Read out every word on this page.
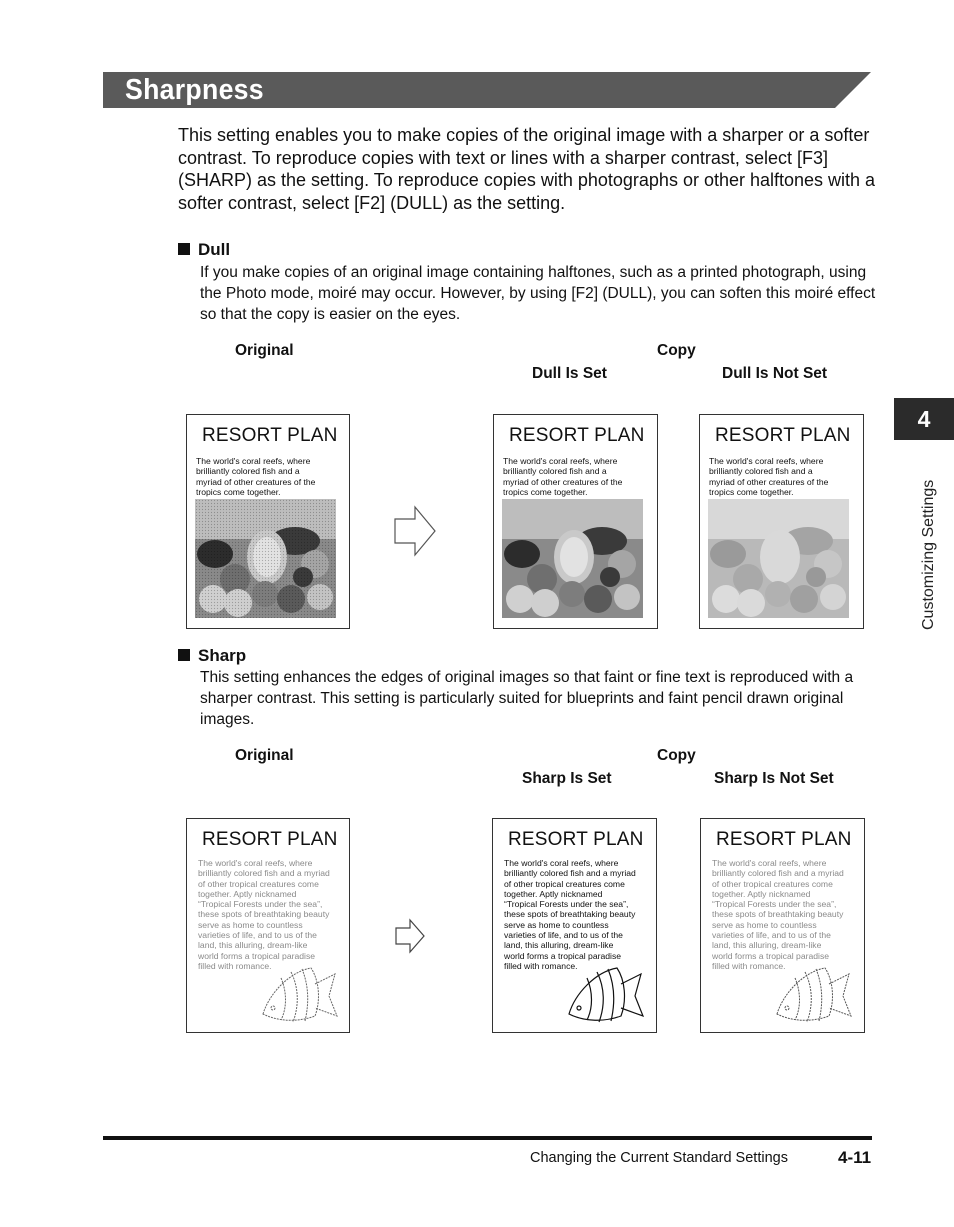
Sharpness
This setting enables you to make copies of the original image with a sharper or a softer contrast. To reproduce copies with text or lines with a sharper contrast, select [F3] (SHARP) as the setting. To reproduce copies with photographs or other halftones with a softer contrast, select [F2] (DULL) as the setting.
Dull
If you make copies of an original image containing halftones, such as a printed photograph, using the Photo mode, moiré may occur. However, by using [F2] (DULL), you can soften this moiré effect so that the copy is easier on the eyes.
Original	Copy
Dull Is Set	Dull Is Not Set
RESORT PLAN
The world's coral reefs, where
brilliantly colored fish and a
myriad of other creatures of the
tropics come together.
RESORT PLAN
The world's coral reefs, where
brilliantly colored fish and a
myriad of other creatures of the
tropics come together.
RESORT PLAN
The world's coral reefs, where
brilliantly colored fish and a
myriad of other creatures of the
tropics come together.
Sharp
This setting enhances the edges of original images so that faint or fine text is reproduced with a sharper contrast. This setting is particularly suited for blueprints and faint pencil drawn original images.
Original	Copy
Sharp Is Set	Sharp Is Not Set
RESORT PLAN
The world's coral reefs, where
brilliantly colored fish and a myriad
of other tropical creatures come
together. Aptly nicknamed
“Tropical Forests under the sea”,
these spots of breathtaking beauty
serve as home to countless
varieties of life, and to us of the
land, this alluring, dream-like
world forms a tropical paradise
filled with romance.
RESORT PLAN
The world's coral reefs, where
brilliantly colored fish and a myriad
of other tropical creatures come
together. Aptly nicknamed
“Tropical Forests under the sea”,
these spots of breathtaking beauty
serve as home to countless
varieties of life, and to us of the
land, this alluring, dream-like
world forms a tropical paradise
filled with romance.
RESORT PLAN
The world's coral reefs, where
brilliantly colored fish and a myriad
of other tropical creatures come
together. Aptly nicknamed
“Tropical Forests under the sea”,
these spots of breathtaking beauty
serve as home to countless
varieties of life, and to us of the
land, this alluring, dream-like
world forms a tropical paradise
filled with romance.
4
Customizing Settings
Changing the Current Standard Settings	4-11
